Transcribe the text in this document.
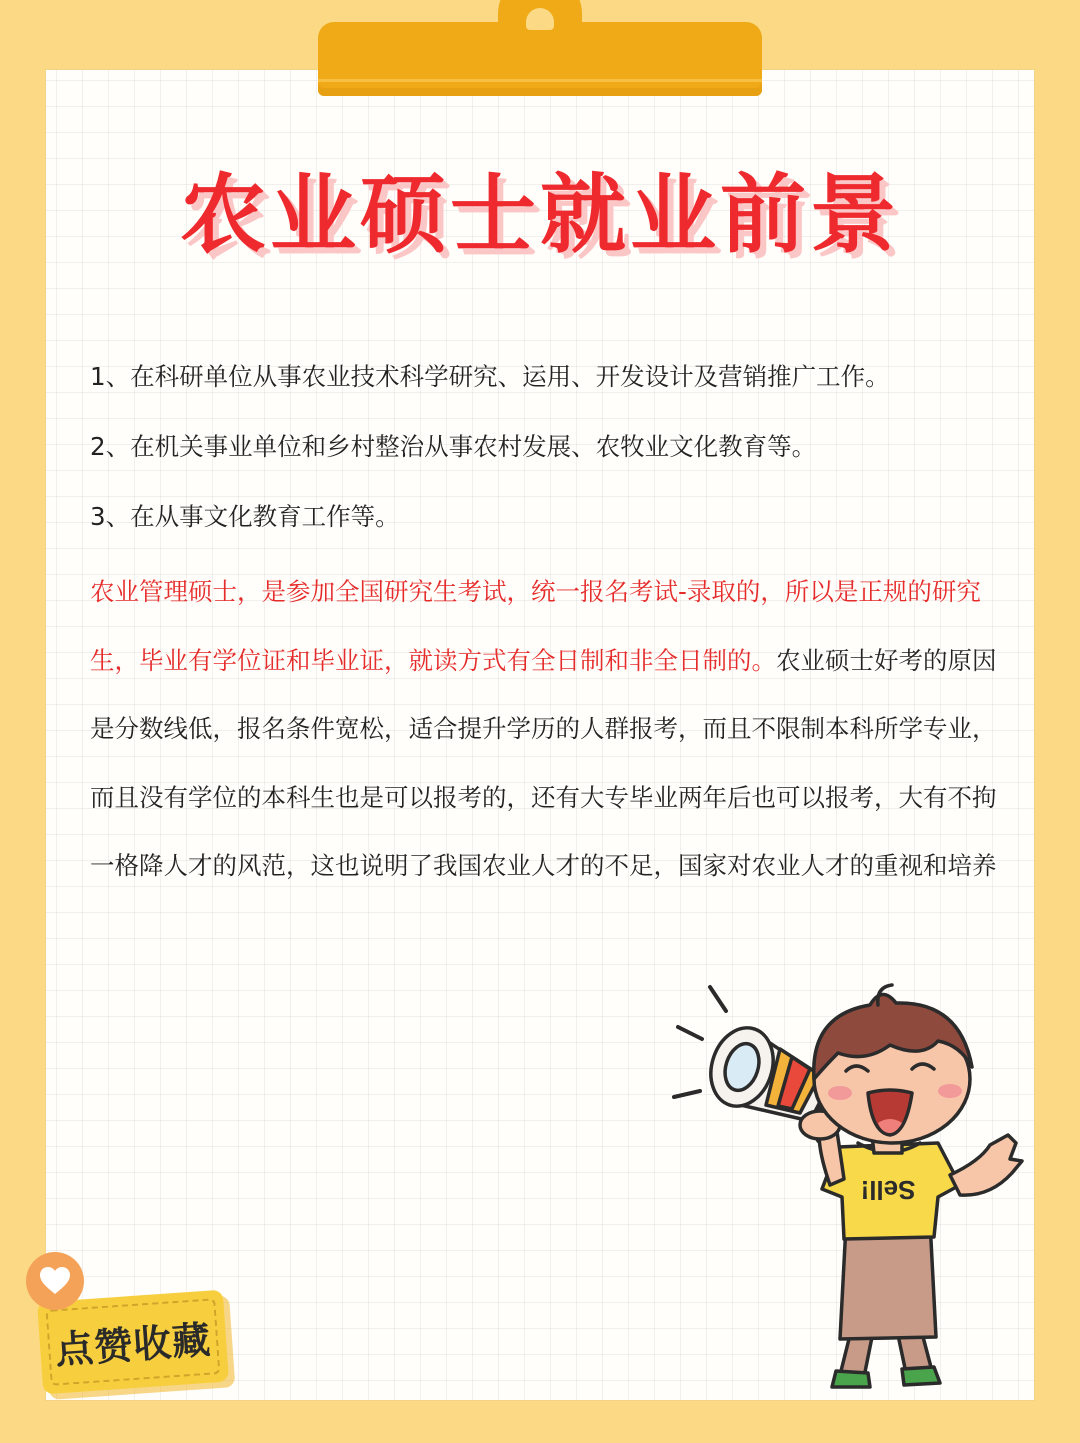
农业硕士就业前景

1、在科研单位从事农业技术科学研究、运用、开发设计及营销推广工作。

2、在机关事业单位和乡村整治从事农村发展、农牧业文化教育等。

3、在从事文化教育工作等。

农业管理硕士，是参加全国研究生考试，统一报名考试-录取的，所以是正规的研究生，毕业有学位证和毕业证，就读方式有全日制和非全日制的。农业硕士好考的原因是分数线低，报名条件宽松，适合提升学历的人群报考，而且不限制本科所学专业，而且没有学位的本科生也是可以报考的，还有大专毕业两年后也可以报考，大有不拘一格降人才的风范，这也说明了我国农业人才的不足，国家对农业人才的重视和培养

Sell!
点赞收藏
